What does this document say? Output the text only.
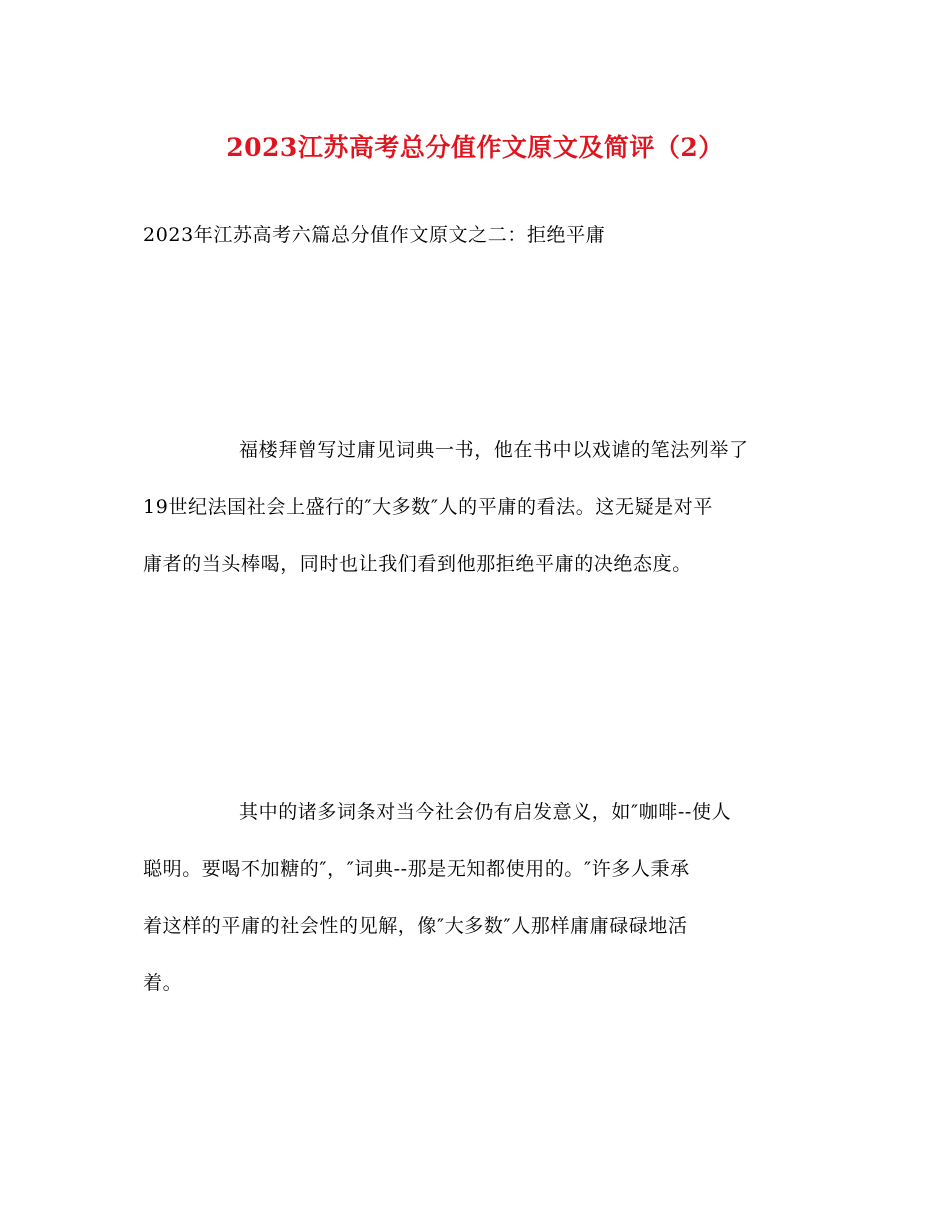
2023江苏高考总分值作文原文及简评（2）
2023年江苏高考六篇总分值作文原文之二：拒绝平庸
福楼拜曾写过庸见词典一书，他在书中以戏谑的笔法列举了
19世纪法国社会上盛行的″大多数″人的平庸的看法。这无疑是对平
庸者的当头棒喝，同时也让我们看到他那拒绝平庸的决绝态度。
其中的诸多词条对当今社会仍有启发意义，如″咖啡--使人
聪明。要喝不加糖的″，″词典--那是无知都使用的。″许多人秉承
着这样的平庸的社会性的见解，像″大多数″人那样庸庸碌碌地活
着。
